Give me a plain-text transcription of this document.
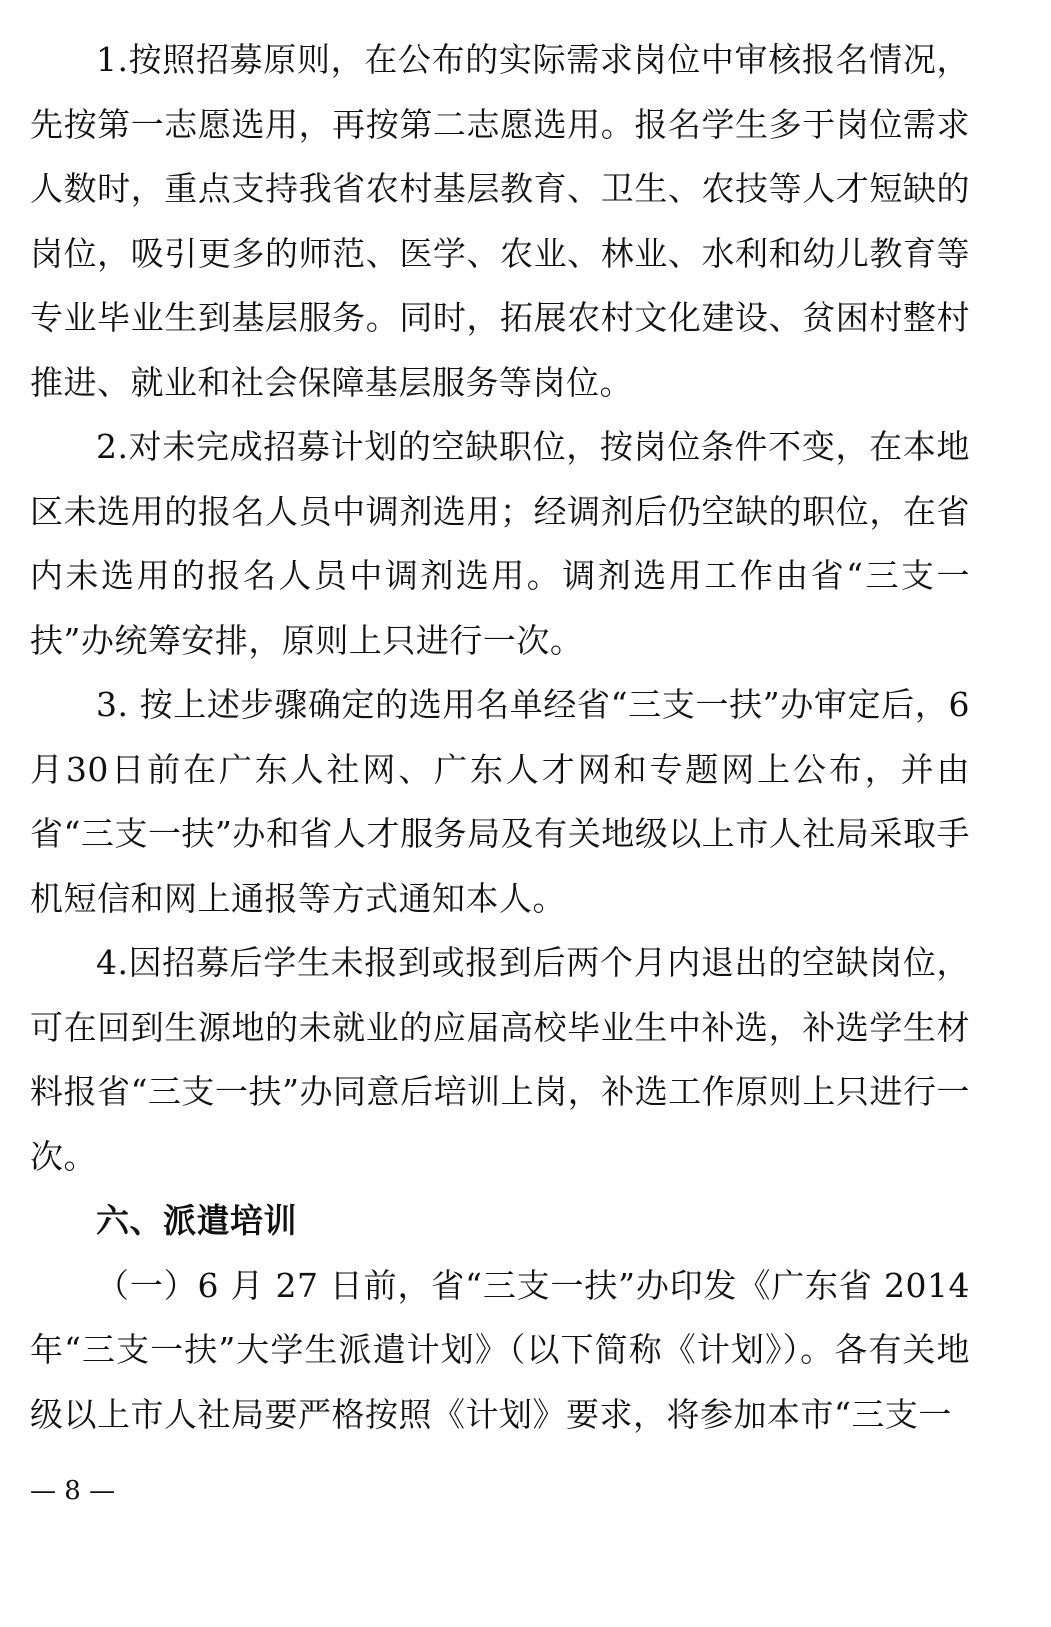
1.按照招募原则，在公布的实际需求岗位中审核报名情况，先按第一志愿选用，再按第二志愿选用。报名学生多于岗位需求人数时，重点支持我省农村基层教育、卫生、农技等人才短缺的岗位，吸引更多的师范、医学、农业、林业、水利和幼儿教育等专业毕业生到基层服务。同时，拓展农村文化建设、贫困村整村推进、就业和社会保障基层服务等岗位。

2.对未完成招募计划的空缺职位，按岗位条件不变，在本地区未选用的报名人员中调剂选用；经调剂后仍空缺的职位，在省内未选用的报名人员中调剂选用。调剂选用工作由省“三支一扶”办统筹安排，原则上只进行一次。

3. 按上述步骤确定的选用名单经省“三支一扶”办审定后，6月30日前在广东人社网、广东人才网和专题网上公布，并由省“三支一扶”办和省人才服务局及有关地级以上市人社局采取手机短信和网上通报等方式通知本人。

4.因招募后学生未报到或报到后两个月内退出的空缺岗位，可在回到生源地的未就业的应届高校毕业生中补选，补选学生材料报省“三支一扶”办同意后培训上岗，补选工作原则上只进行一次。

六、派遣培训

（一）6 月 27 日前，省“三支一扶”办印发《广东省 2014 年“三支一扶”大学生派遣计划》（以下简称《计划》）。各有关地级以上市人社局要严格按照《计划》要求，将参加本市“三支一

— 8 —
